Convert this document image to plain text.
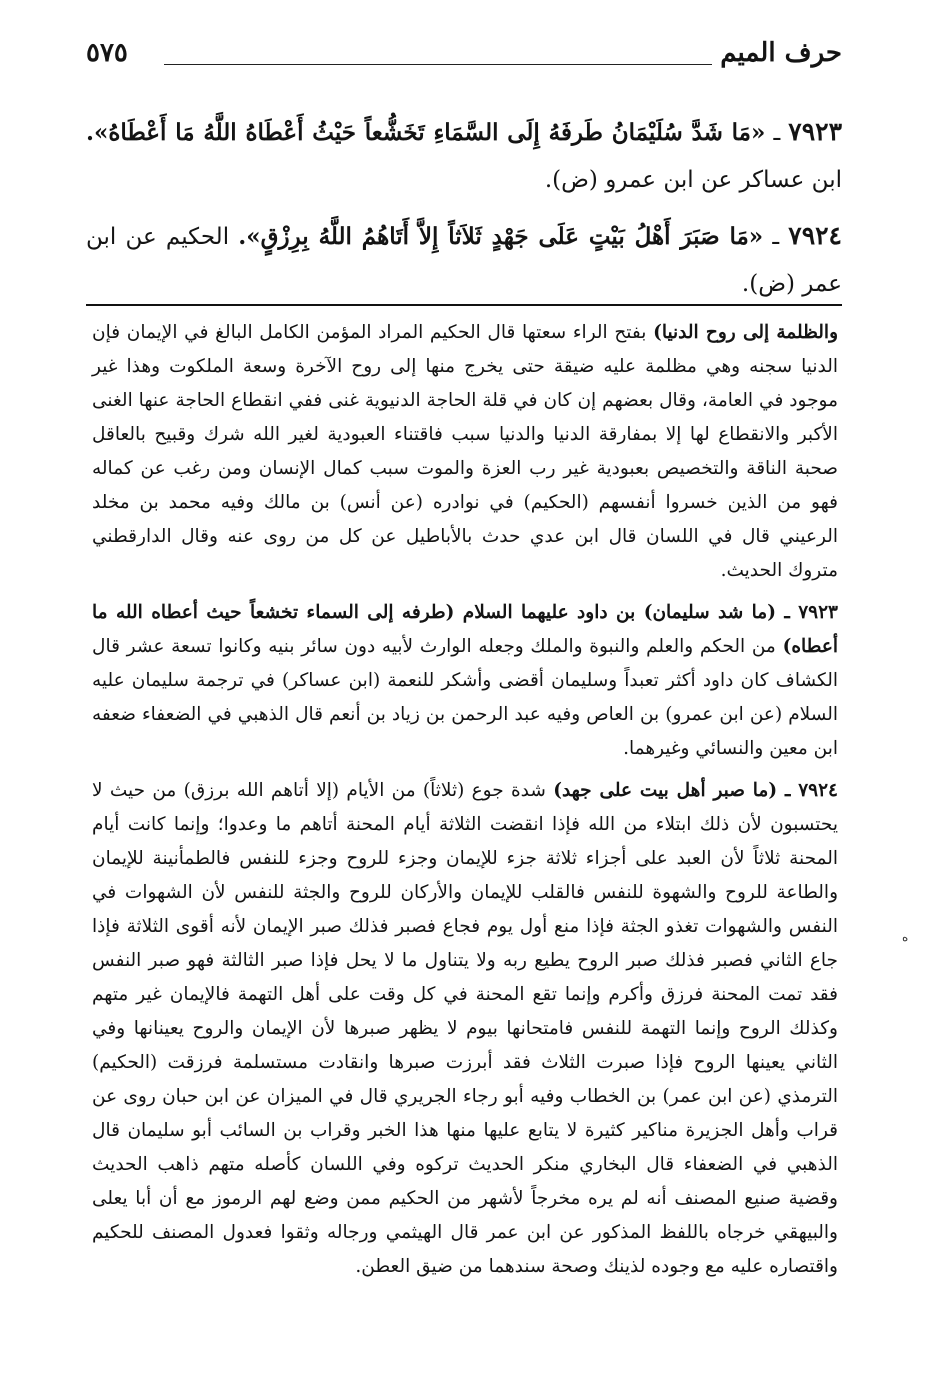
حرف الميم
٥٧٥

٧٩٢٣ ـ «مَا شَدَّ سُلَيْمَانُ طَرفَهُ إِلَى السَّمَاءِ تَخَشُّعاً حَيْثُ أَعْطَاهُ اللَّهُ مَا أَعْطَاهُ». ابن عساكر عن ابن عمرو (ض).

٧٩٢٤ ـ «مَا صَبَرَ أَهْلُ بَيْتٍ عَلَى جَهْدٍ ثَلاَثاً إِلاَّ أَتَاهُمُ اللَّهُ بِرِزْقٍ». الحكيم عن ابن عمر (ض).

والظلمة إلى روح الدنيا) بفتح الراء سعتها قال الحكيم المراد المؤمن الكامل البالغ في الإيمان فإن الدنيا سجنه وهي مظلمة عليه ضيقة حتى يخرج منها إلى روح الآخرة وسعة الملكوت وهذا غير موجود في العامة، وقال بعضهم إن كان في قلة الحاجة الدنيوية غنى ففي انقطاع الحاجة عنها الغنى الأكبر والانقطاع لها إلا بمفارقة الدنيا والدنيا سبب فاقتناء العبودية لغير الله شرك وقبيح بالعاقل صحبة الناقة والتخصيص بعبودية غير رب العزة والموت سبب كمال الإنسان ومن رغب عن كماله فهو من الذين خسروا أنفسهم (الحكيم) في نوادره (عن أنس) بن مالك وفيه محمد بن مخلد الرعيني قال في اللسان قال ابن عدي حدث بالأباطيل عن كل من روى عنه وقال الدارقطني متروك الحديث.

٧٩٢٣ ـ (ما شد سليمان) بن داود عليهما السلام (طرفه إلى السماء تخشعاً حيث أعطاه الله ما أعطاه) من الحكم والعلم والنبوة والملك وجعله الوارث لأبيه دون سائر بنيه وكانوا تسعة عشر قال الكشاف كان داود أكثر تعبداً وسليمان أقضى وأشكر للنعمة (ابن عساكر) في ترجمة سليمان عليه السلام (عن ابن عمرو) بن العاص وفيه عبد الرحمن بن زياد بن أنعم قال الذهبي في الضعفاء ضعفه ابن معين والنسائي وغيرهما.

٧٩٢٤ ـ (ما صبر أهل بيت على جهد) شدة جوع (ثلاثاً) من الأيام (إلا أتاهم الله برزق) من حيث لا يحتسبون لأن ذلك ابتلاء من الله فإذا انقضت الثلاثة أيام المحنة أتاهم ما وعدوا؛ وإنما كانت أيام المحنة ثلاثاً لأن العبد على أجزاء ثلاثة جزء للإيمان وجزء للروح وجزء للنفس فالطمأنينة للإيمان والطاعة للروح والشهوة للنفس فالقلب للإيمان والأركان للروح والجثة للنفس لأن الشهوات في النفس والشهوات تغذو الجثة فإذا منع أول يوم فجاع فصبر فذلك صبر الإيمان لأنه أقوى الثلاثة فإذا جاع الثاني فصبر فذلك صبر الروح يطيع ربه ولا يتناول ما لا يحل فإذا صبر الثالثة فهو صبر النفس فقد تمت المحنة فرزق وأكرم وإنما تقع المحنة في كل وقت على أهل التهمة فالإيمان غير متهم وكذلك الروح وإنما التهمة للنفس فامتحانها بيوم لا يظهر صبرها لأن الإيمان والروح يعينانها وفي الثاني يعينها الروح فإذا صبرت الثلاث فقد أبرزت صبرها وانقادت مستسلمة فرزقت (الحكيم) الترمذي (عن ابن عمر) بن الخطاب وفيه أبو رجاء الجريري قال في الميزان عن ابن حبان روى عن قراب وأهل الجزيرة مناكير كثيرة لا يتابع عليها منها هذا الخبر وقراب بن السائب أبو سليمان قال الذهبي في الضعفاء قال البخاري منكر الحديث تركوه وفي اللسان كأصله متهم ذاهب الحديث وقضية صنيع المصنف أنه لم يره مخرجاً لأشهر من الحكيم ممن وضع لهم الرموز مع أن أبا يعلى والبيهقي خرجاه باللفظ المذكور عن ابن عمر قال الهيثمي ورجاله وثقوا فعدول المصنف للحكيم واقتصاره عليه مع وجوده لذينك وصحة سندهما من ضيق العطن.

ه
